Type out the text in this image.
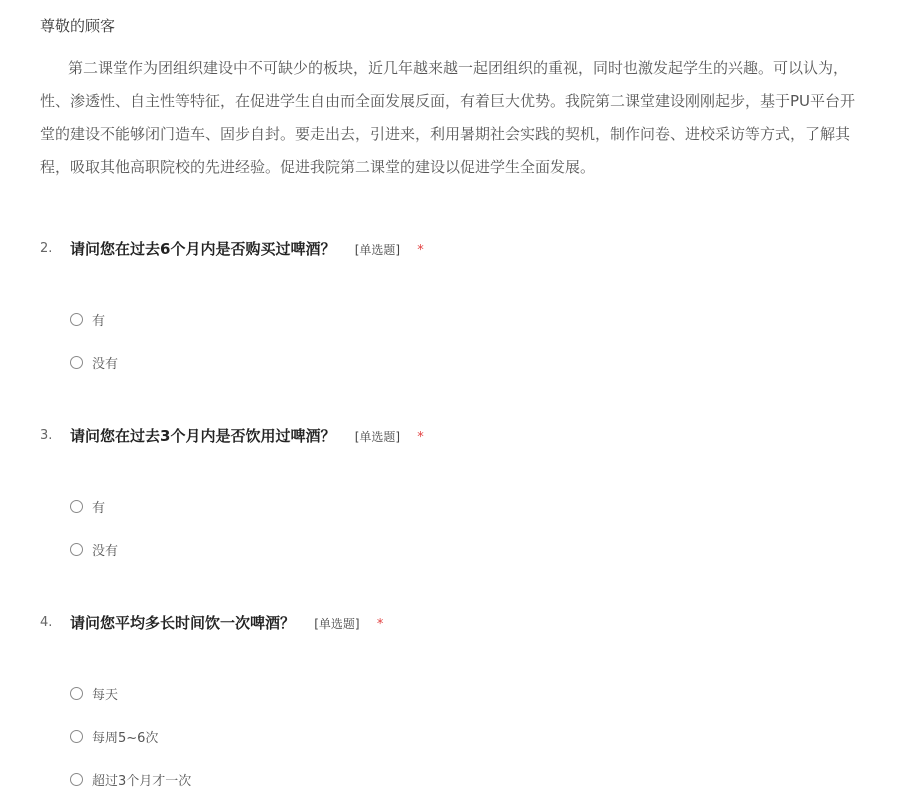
尊敬的顾客
第二课堂作为团组织建设中不可缺少的板块，近几年越来越一起团组织的重视，同时也激发起学生的兴趣。可以认为，
性、渗透性、自主性等特征，在促进学生自由而全面发展反面，有着巨大优势。我院第二课堂建设刚刚起步，基于PU平台开
堂的建设不能够闭门造车、固步自封。要走出去，引进来，利用暑期社会实践的契机，制作问卷、进校采访等方式，了解其
程，吸取其他高职院校的先进经验。促进我院第二课堂的建设以促进学生全面发展。
2. 请问您在过去6个月内是否购买过啤酒？ [单选题] *
有
没有
3. 请问您在过去3个月内是否饮用过啤酒？ [单选题] *
有
没有
4. 请问您平均多长时间饮一次啤酒？ [单选题] *
每天
每周5~6次
超过3个月才一次
